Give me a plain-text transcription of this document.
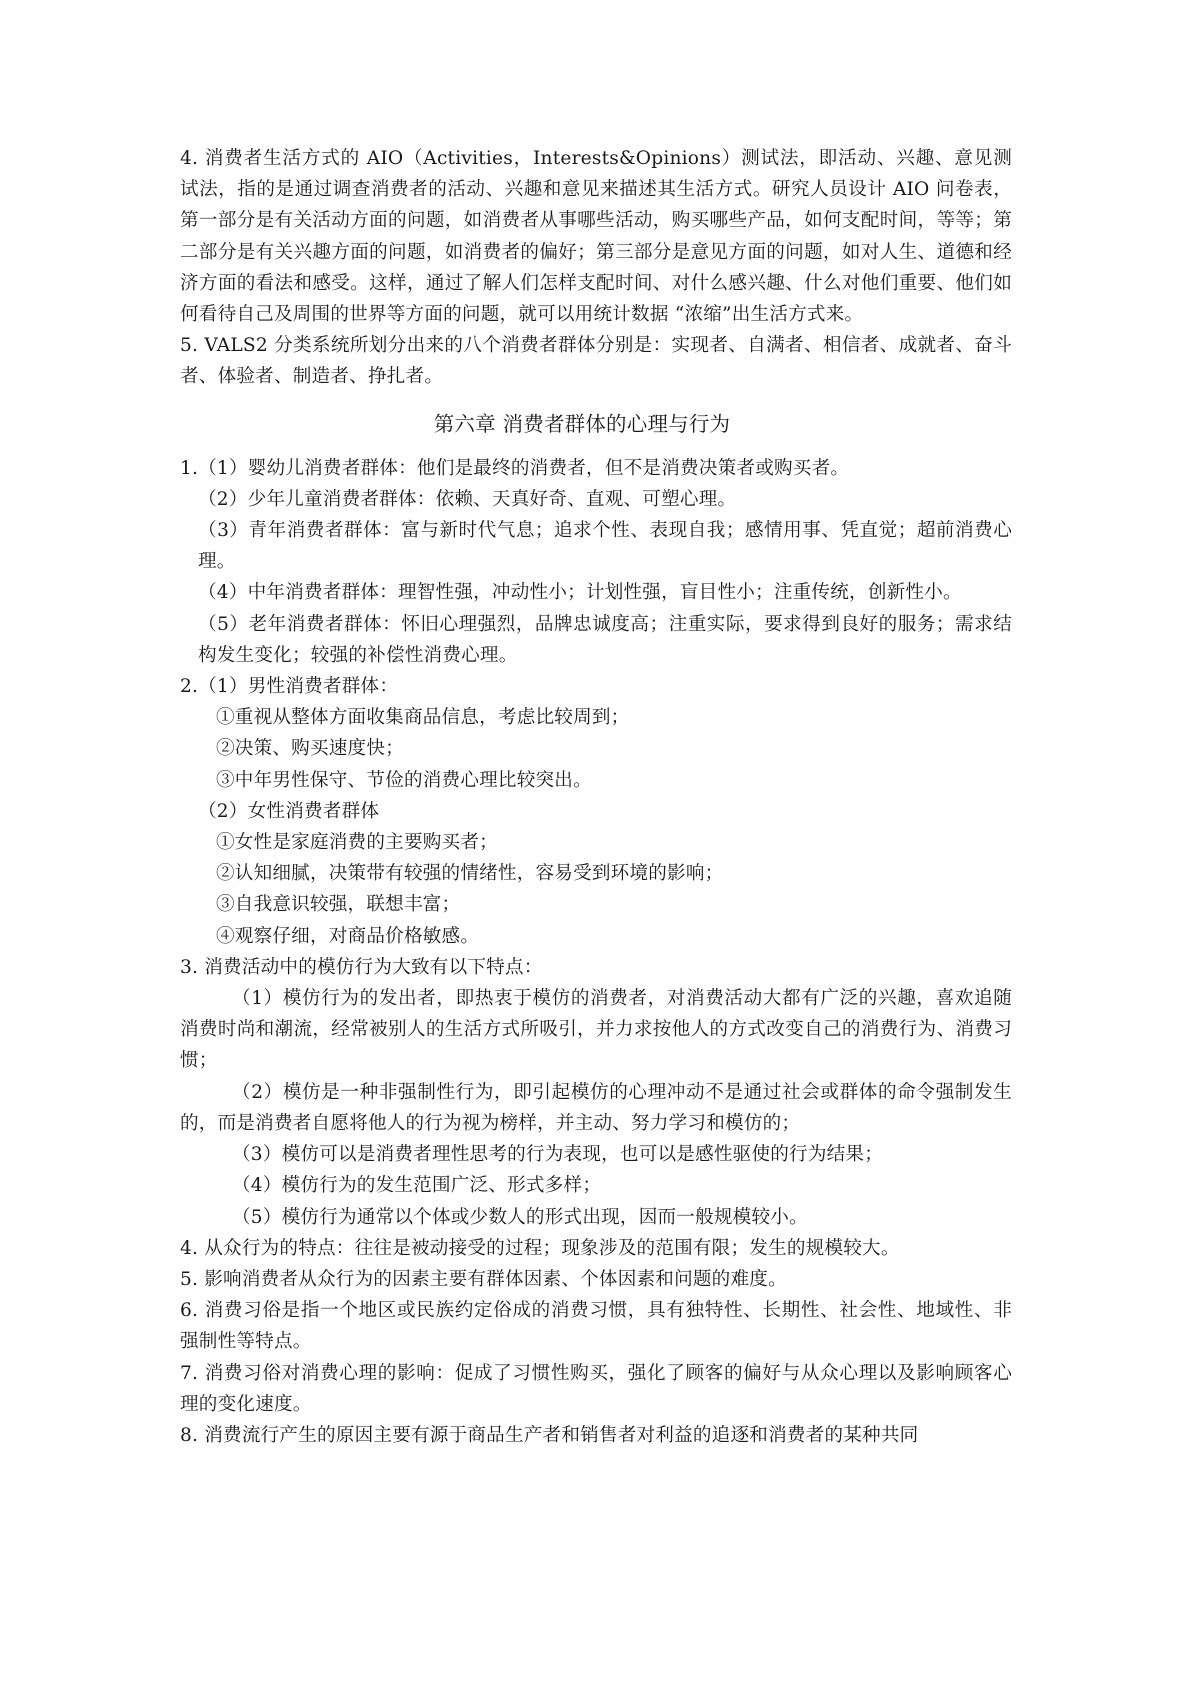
4. 消费者生活方式的 AIO（Activities，Interests&Opinions）测试法，即活动、兴趣、意见测试法，指的是通过调查消费者的活动、兴趣和意见来描述其生活方式。研究人员设计 AIO 问卷表，第一部分是有关活动方面的问题，如消费者从事哪些活动，购买哪些产品，如何支配时间，等等；第二部分是有关兴趣方面的问题，如消费者的偏好；第三部分是意见方面的问题，如对人生、道德和经济方面的看法和感受。这样，通过了解人们怎样支配时间、对什么感兴趣、什么对他们重要、他们如何看待自己及周围的世界等方面的问题，就可以用统计数据 “浓缩”出生活方式来。

5. VALS2 分类系统所划分出来的八个消费者群体分别是：实现者、自满者、相信者、成就者、奋斗者、体验者、制造者、挣扎者。

第六章 消费者群体的心理与行为

1.（1）婴幼儿消费者群体：他们是最终的消费者，但不是消费决策者或购买者。

（2）少年儿童消费者群体：依赖、天真好奇、直观、可塑心理。

（3）青年消费者群体：富与新时代气息；追求个性、表现自我；感情用事、凭直觉；超前消费心理。

（4）中年消费者群体：理智性强，冲动性小；计划性强，盲目性小；注重传统，创新性小。

（5）老年消费者群体：怀旧心理强烈，品牌忠诚度高；注重实际，要求得到良好的服务；需求结构发生变化；较强的补偿性消费心理。

2.（1）男性消费者群体：

①重视从整体方面收集商品信息，考虑比较周到；

②决策、购买速度快；

③中年男性保守、节俭的消费心理比较突出。

（2）女性消费者群体

①女性是家庭消费的主要购买者；

②认知细腻，决策带有较强的情绪性，容易受到环境的影响；

③自我意识较强，联想丰富；

④观察仔细，对商品价格敏感。

3. 消费活动中的模仿行为大致有以下特点：

（1）模仿行为的发出者，即热衷于模仿的消费者，对消费活动大都有广泛的兴趣，喜欢追随消费时尚和潮流，经常被别人的生活方式所吸引，并力求按他人的方式改变自己的消费行为、消费习惯；

（2）模仿是一种非强制性行为，即引起模仿的心理冲动不是通过社会或群体的命令强制发生的，而是消费者自愿将他人的行为视为榜样，并主动、努力学习和模仿的；

（3）模仿可以是消费者理性思考的行为表现，也可以是感性驱使的行为结果；

（4）模仿行为的发生范围广泛、形式多样；

（5）模仿行为通常以个体或少数人的形式出现，因而一般规模较小。

4. 从众行为的特点：往往是被动接受的过程；现象涉及的范围有限；发生的规模较大。

5. 影响消费者从众行为的因素主要有群体因素、个体因素和问题的难度。

6. 消费习俗是指一个地区或民族约定俗成的消费习惯，具有独特性、长期性、社会性、地域性、非强制性等特点。

7. 消费习俗对消费心理的影响：促成了习惯性购买，强化了顾客的偏好与从众心理以及影响顾客心理的变化速度。

8. 消费流行产生的原因主要有源于商品生产者和销售者对利益的追逐和消费者的某种共同
